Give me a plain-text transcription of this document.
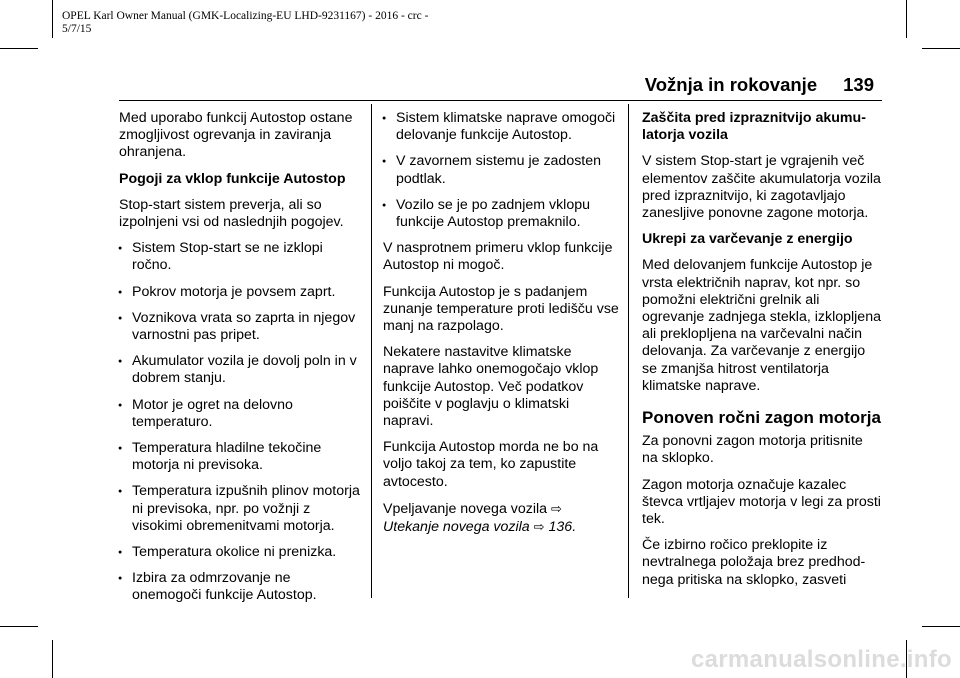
OPEL Karl Owner Manual (GMK-Localizing-EU LHD-9231167) - 2016 - crc -
5/7/15
Vožnja in rokovanje 139

Med uporabo funkcij Autostop ostane zmogljivost ogrevanja in zaviranja ohranjena.

Pogoji za vklop funkcije Autostop

Stop-start sistem preverja, ali so izpolnjeni vsi od naslednjih pogojev.

● Sistem Stop-start se ne izklopi ročno.
● Pokrov motorja je povsem zaprt.
● Voznikova vrata so zaprta in njegov varnostni pas pripet.
● Akumulator vozila je dovolj poln in v dobrem stanju.
● Motor je ogret na delovno temperaturo.
● Temperatura hladilne tekočine motorja ni previsoka.
● Temperatura izpušnih plinov motorja ni previsoka, npr. po vožnji z visokimi obremenitvami motorja.
● Temperatura okolice ni prenizka.
● Izbira za odmrzovanje ne onemogoči funkcije Autostop.
● Sistem klimatske naprave omogoči delovanje funkcije Autostop.
● V zavornem sistemu je zadosten podtlak.
● Vozilo se je po zadnjem vklopu funkcije Autostop premaknilo.

V nasprotnem primeru vklop funkcije Autostop ni mogoč.

Funkcija Autostop je s padanjem zunanje temperature proti ledišču vse manj na razpolago.

Nekatere nastavitve klimatske naprave lahko onemogočajo vklop funkcije Autostop. Več podatkov poiščite v poglavju o klimatski napravi.

Funkcija Autostop morda ne bo na voljo takoj za tem, ko zapustite avtocesto.

Vpeljavanje novega vozila ⇨
Utekanje novega vozila ⇨ 136.

Zaščita pred izpraznitvijo akumulatorja vozila

V sistem Stop-start je vgrajenih več elementov zaščite akumulatorja vozila pred izpraznitvijo, ki zagotavljajo zanesljive ponovne zagone motorja.

Ukrepi za varčevanje z energijo

Med delovanjem funkcije Autostop je vrsta električnih naprav, kot npr. so pomožni električni grelnik ali ogrevanje zadnjega stekla, izklopljena ali preklopljena na varčevalni način delovanja. Za varčevanje z energijo se zmanjša hitrost ventilatorja klimatske naprave.

Ponoven ročni zagon motorja

Za ponovni zagon motorja pritisnite na sklopko.

Zagon motorja označuje kazalec števca vrtljajev motorja v legi za prosti tek.

Če izbirno ročico preklopite iz nevtralnega položaja brez predhodnega pritiska na sklopko, zasveti

carmanualsonline.info
